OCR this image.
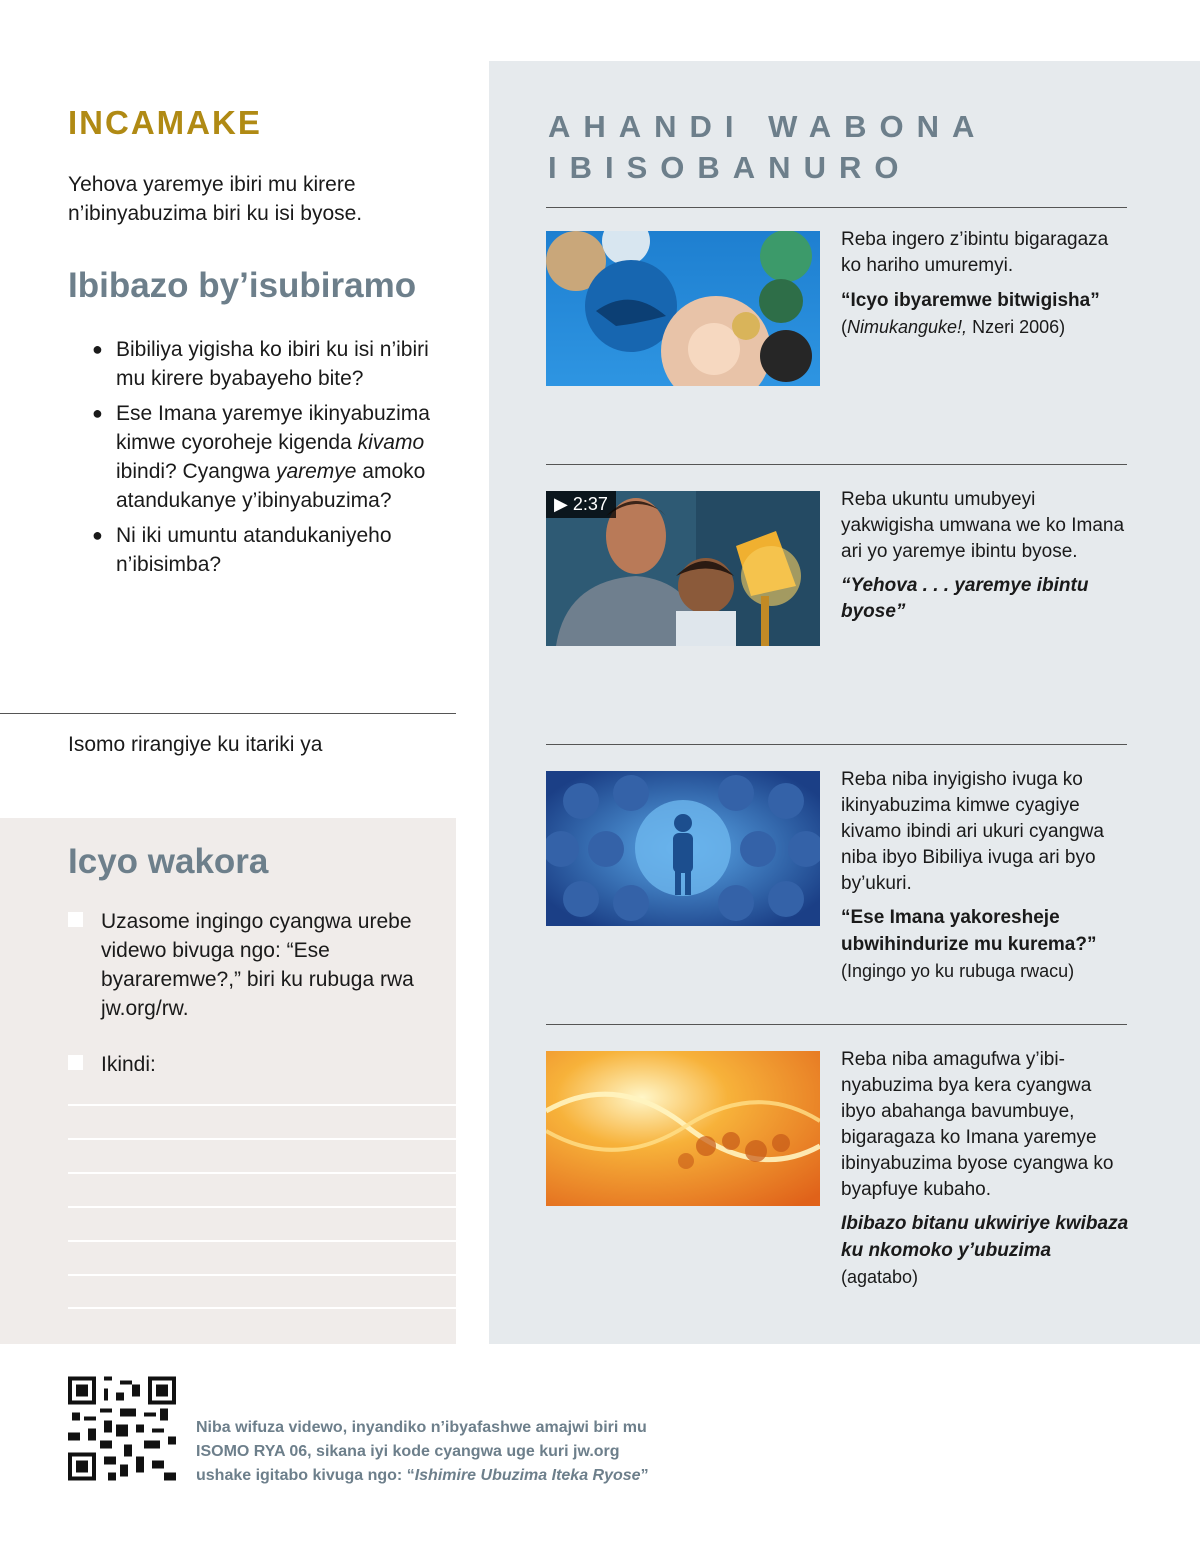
INCAMAKE

Yehova yaremye ibiri mu kirere n’ibinyabuzima biri ku isi byose.

Ibibazo by’isubiramo
● Bibiliya yigisha ko ibiri ku isi n’ibiri mu kirere byabayeho bite?
● Ese Imana yaremye ikinyabuzima kimwe cyoroheje kigenda kivamo ibindi? Cyangwa yaremye amoko atandukanye y’ibinyabuzima?
● Ni iki umuntu atandukaniyeho n’ibisimba?

Isomo rirangiye ku itariki ya

Icyo wakora
Uzasome ingingo cyangwa urebe videwo bivuga ngo: “Ese byararemwe?,” biri ku rubuga rwa jw.org/rw.
Ikindi:
AHANDI WABONA IBISOBANURO
Reba ingero z’ibintu bigaragaza ko hariho umuremyi.
“Icyo ibyaremwe bitwigisha” (Nimukanguke!, Nzeri 2006)
▶ 2:37	Reba ukuntu umubyeyi yakwigisha umwana we ko Imana ari yo yaremye ibintu byose.
“Yehova . . . yaremye ibintu byose”
Reba niba inyigisho ivuga ko ikinyabuzima kimwe cyagiye kivamo ibindi ari ukuri cyangwa niba ibyo Bibiliya ivuga ari byo by’ukuri.
“Ese Imana yakoresheje ubwihindurize mu kurema?” (Ingingo yo ku rubuga rwacu)
Reba niba amagufwa y’ibi-nyabuzima bya kera cyangwa ibyo abahanga bavumbuye, bigaragaza ko Imana yaremye ibinyabuzima byose cyangwa ko byapfuye kubaho.
Ibibazo bitanu ukwiriye kwibaza ku nkomoko y’ubuzima (agatabo)
Niba wifuza videwo, inyandiko n’ibyafashwe amajwi biri mu
ISOMO RYA 06, sikana iyi kode cyangwa uge kuri jw.org
ushake igitabo kivuga ngo: “Ishimire Ubuzima Iteka Ryose”
